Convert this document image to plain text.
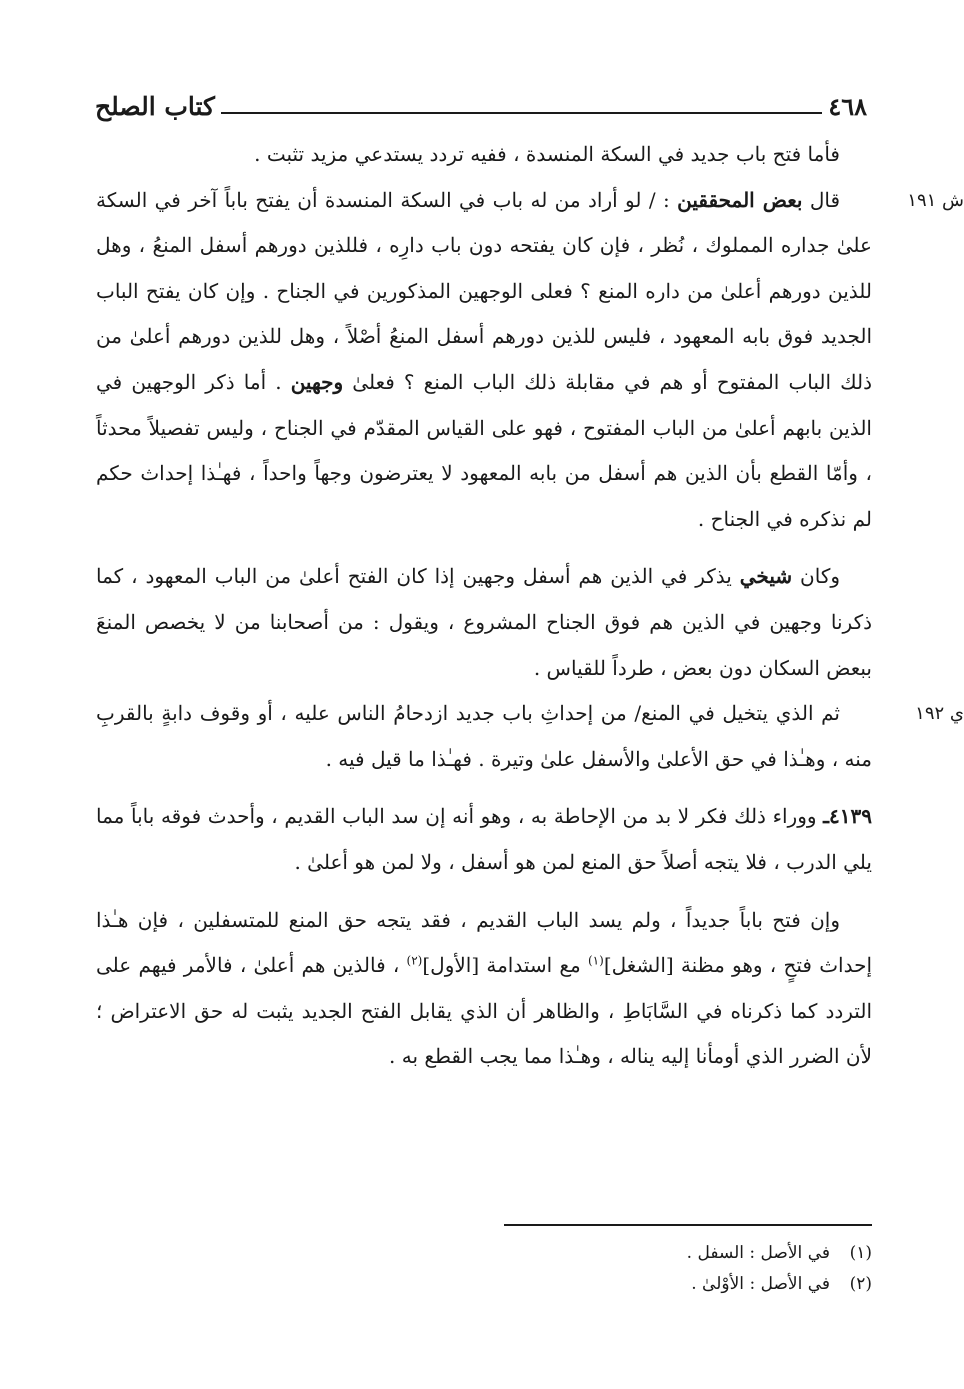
٤٦٨
كتاب الصلح

فأما فتح باب جديد في السكة المنسدة ، ففيه تردد يستدعي مزيد تثبت .

ش ١٩١
قال بعض المحققين : / لو أراد من له باب في السكة المنسدة أن يفتح باباً آخر في السكة علىٰ جداره المملوك ، نُظر ، فإن كان يفتحه دون باب دارِه ، فللذين دورهم أسفل المنعُ ، وهل للذين دورهم أعلىٰ من داره المنع ؟ فعلى الوجهين المذكورين في الجناح . وإن كان يفتح الباب الجديد فوق بابه المعهود ، فليس للذين دورهم أسفل المنعُ أصْلاً ، وهل للذين دورهم أعلىٰ من ذلك الباب المفتوح أو هم في مقابلة ذلك الباب المنع ؟ فعلىٰ وجهين . أما ذكر الوجهين في الذين بابهم أعلىٰ من الباب المفتوح ، فهو على القياس المقدّم في الجناح ، وليس تفصيلاً محدثاً ، وأمّا القطع بأن الذين هم أسفل من بابه المعهود لا يعترضون وجهاً واحداً ، فهـٰذا إحداث حكم لم نذكره في الجناح .

وكان شيخي يذكر في الذين هم أسفل وجهين إذا كان الفتح أعلىٰ من الباب المعهود ، كما ذكرنا وجهين في الذين هم فوق الجناح المشروع ، ويقول : من أصحابنا من لا يخصص المنعَ ببعض السكان دون بعض ، طرداً للقياس .

ي ١٩٢
ثم الذي يتخيل في المنع/ من إحداثِ باب جديد ازدحامُ الناس عليه ، أو وقوف دابةٍ بالقربِ منه ، وهـٰذا في حق الأعلىٰ والأسفل علىٰ وتيرة . فهـٰذا ما قيل فيه .

٤١٣٩ـ ووراء ذلك فكر لا بد من الإحاطة به ، وهو أنه إن سد الباب القديم ، وأحدث فوقه باباً مما يلي الدرب ، فلا يتجه أصلاً حق المنع لمن هو أسفل ، ولا لمن هو أعلىٰ .

وإن فتح باباً جديداً ، ولم يسد الباب القديم ، فقد يتجه حق المنع للمتسفلين ، فإن هـٰذا إحداث فتحٍ ، وهو مظنة [الشغل]$^{(١)}$ مع استدامة [الأول]$^{(٢)}$ ، فالذين هم أعلىٰ ، فالأمر فيهم على التردد كما ذكرناه في السَّابَاطِ ، والظاهر أن الذي يقابل الفتح الجديد يثبت له حق الاعتراض ؛ لأن الضرر الذي أومأنا إليه يناله ، وهـٰذا مما يجب القطع به .

(١)في الأصل : السفل .

(٢)في الأصل : الأوْلىٰ .
